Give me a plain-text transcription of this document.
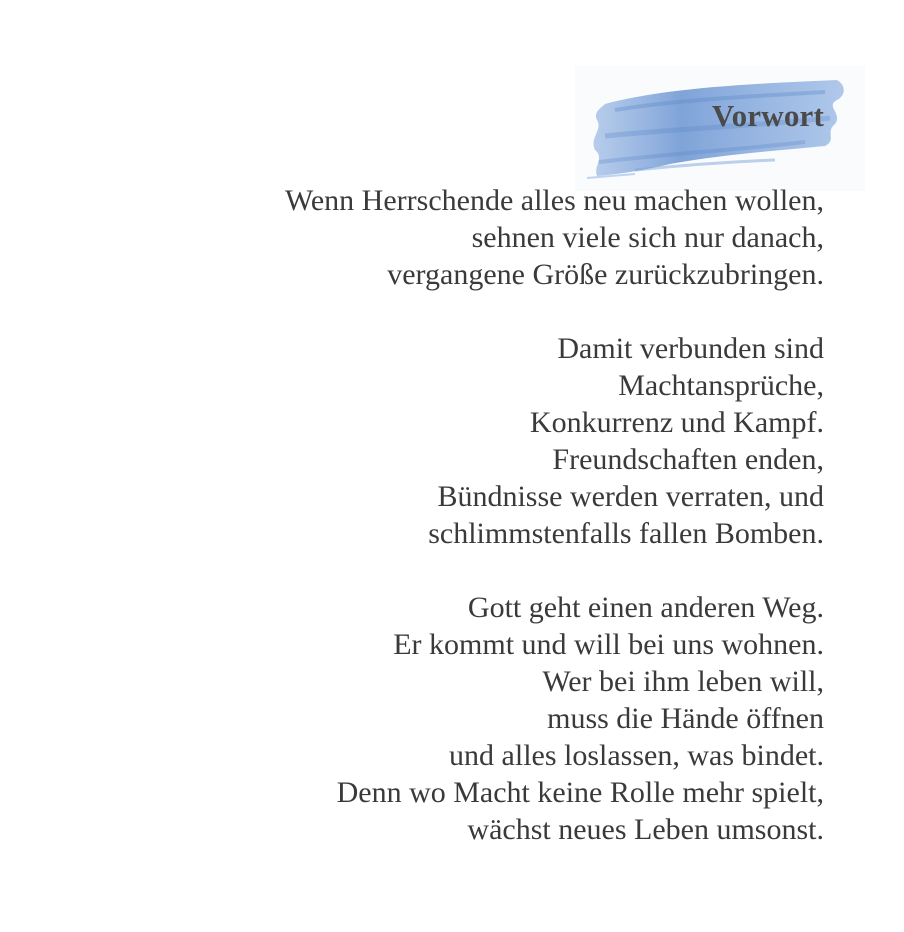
Vorwort

Wenn Herrschende alles neu machen wollen,
sehnen viele sich nur danach,
vergangene Größe zurückzubringen.

Damit verbunden sind
Machtansprüche,
Konkurrenz und Kampf.
Freundschaften enden,
Bündnisse werden verraten, und
schlimmstenfalls fallen Bomben.

Gott geht einen anderen Weg.
Er kommt und will bei uns wohnen.
Wer bei ihm leben will,
muss die Hände öffnen
und alles loslassen, was bindet.
Denn wo Macht keine Rolle mehr spielt,
wächst neues Leben umsonst.
